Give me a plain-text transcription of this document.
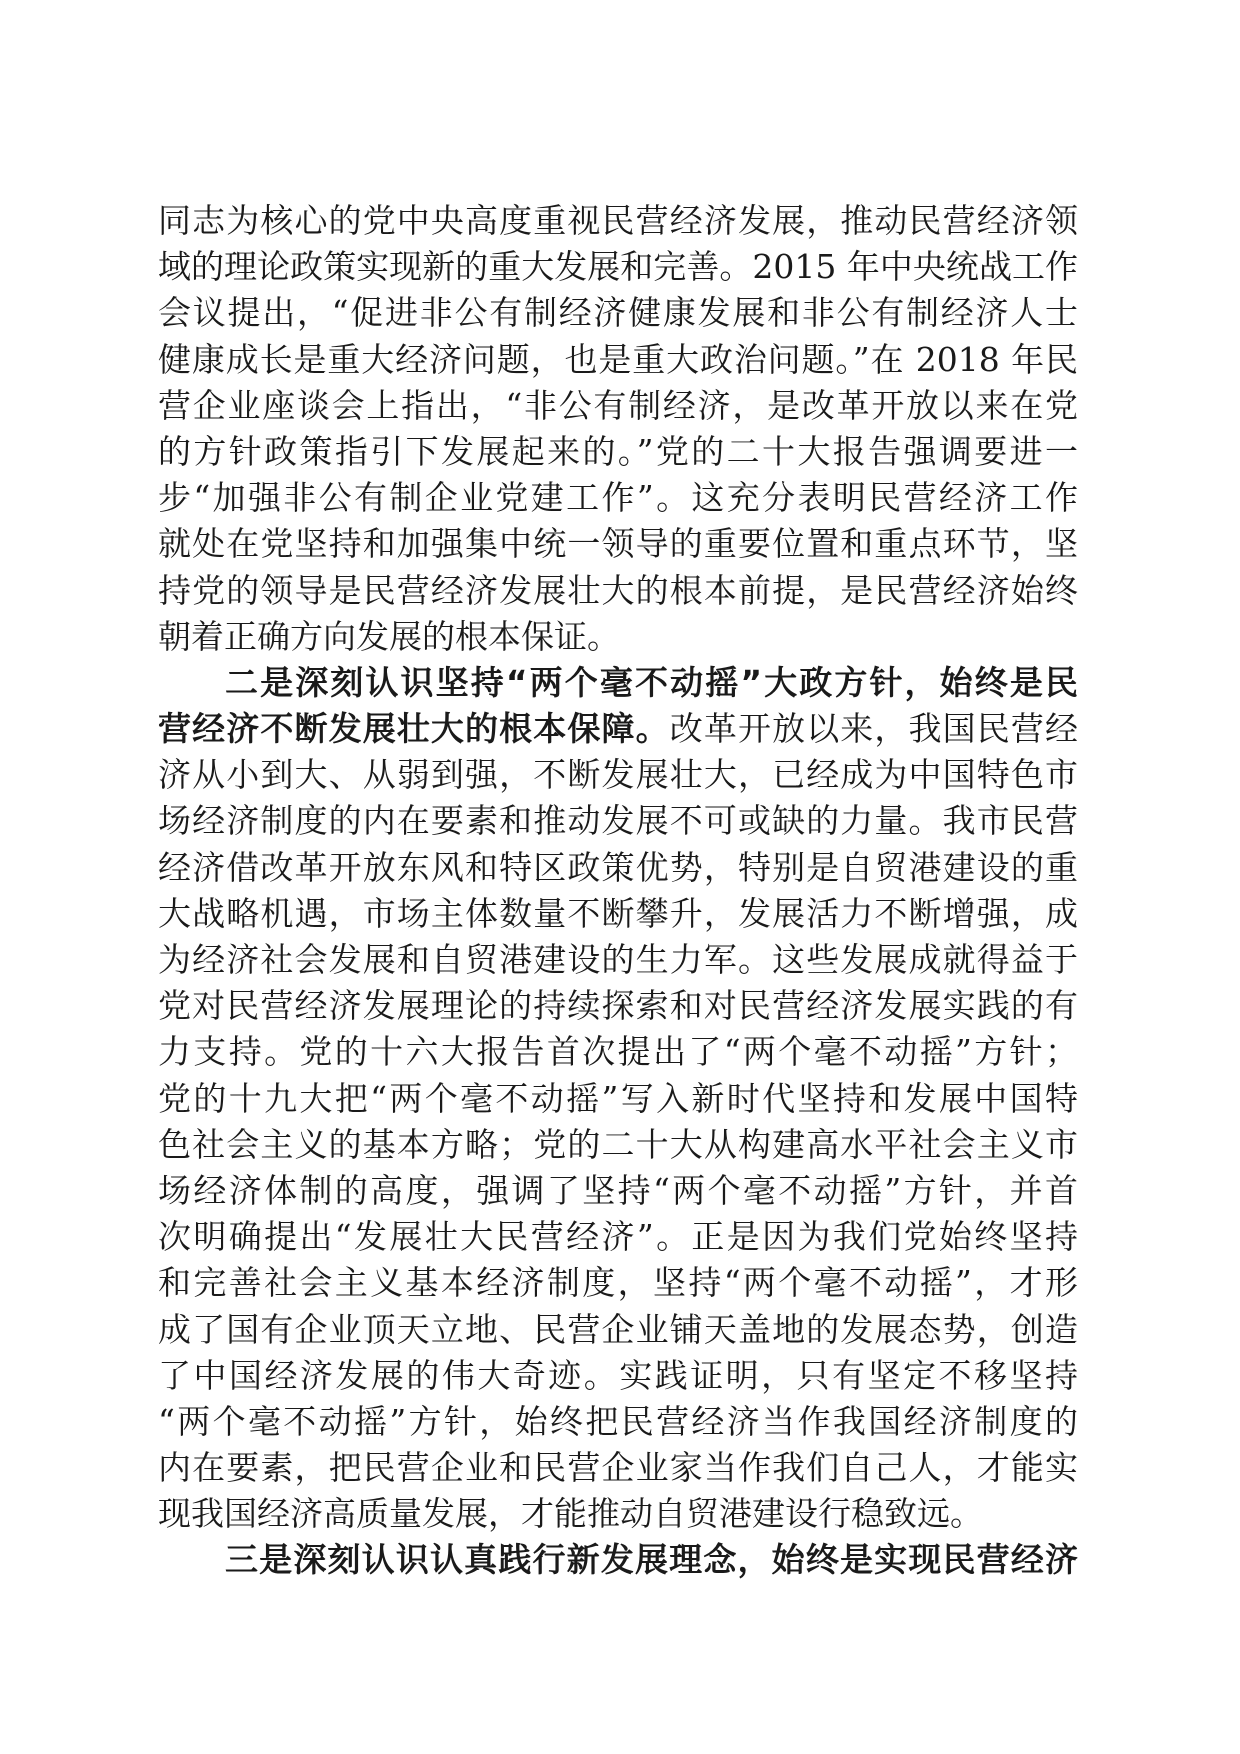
同志为核心的党中央高度重视民营经济发展，推动民营经济领
域的理论政策实现新的重大发展和完善。2015 年中央统战工作
会议提出，“促进非公有制经济健康发展和非公有制经济人士
健康成长是重大经济问题，也是重大政治问题。”在 2018 年民
营企业座谈会上指出，“非公有制经济，是改革开放以来在党
的方针政策指引下发展起来的。”党的二十大报告强调要进一
步“加强非公有制企业党建工作”。这充分表明民营经济工作
就处在党坚持和加强集中统一领导的重要位置和重点环节，坚
持党的领导是民营经济发展壮大的根本前提，是民营经济始终
朝着正确方向发展的根本保证。
二是深刻认识坚持“两个毫不动摇”大政方针，始终是民
营经济不断发展壮大的根本保障。改革开放以来，我国民营经
济从小到大、从弱到强，不断发展壮大，已经成为中国特色市
场经济制度的内在要素和推动发展不可或缺的力量。我市民营
经济借改革开放东风和特区政策优势，特别是自贸港建设的重
大战略机遇，市场主体数量不断攀升，发展活力不断增强，成
为经济社会发展和自贸港建设的生力军。这些发展成就得益于
党对民营经济发展理论的持续探索和对民营经济发展实践的有
力支持。党的十六大报告首次提出了“两个毫不动摇”方针；
党的十九大把“两个毫不动摇”写入新时代坚持和发展中国特
色社会主义的基本方略；党的二十大从构建高水平社会主义市
场经济体制的高度，强调了坚持“两个毫不动摇”方针，并首
次明确提出“发展壮大民营经济”。正是因为我们党始终坚持
和完善社会主义基本经济制度，坚持“两个毫不动摇”，才形
成了国有企业顶天立地、民营企业铺天盖地的发展态势，创造
了中国经济发展的伟大奇迹。实践证明，只有坚定不移坚持
“两个毫不动摇”方针，始终把民营经济当作我国经济制度的
内在要素，把民营企业和民营企业家当作我们自己人，才能实
现我国经济高质量发展，才能推动自贸港建设行稳致远。
三是深刻认识认真践行新发展理念，始终是实现民营经济
